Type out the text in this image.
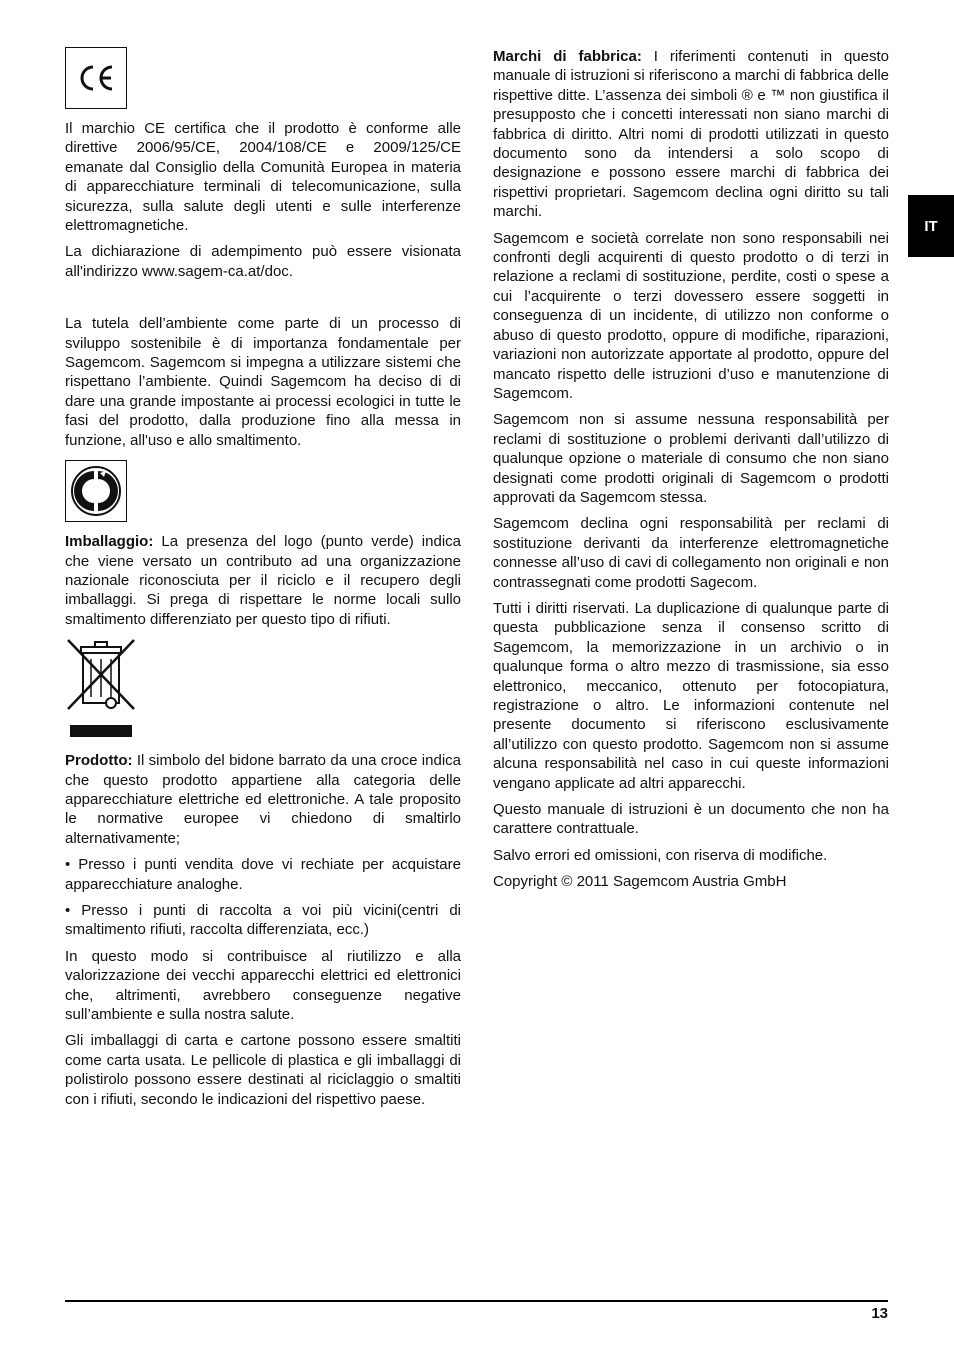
Il marchio CE certifica che il prodotto è conforme alle direttive 2006/95/CE, 2004/108/CE e 2009/125/CE emanate dal Consiglio della Comunità Europea in materia di apparecchiature terminali di telecomunicazione, sulla sicurezza, sulla salute degli utenti e sulle interferenze elettromagnetiche.

La dichiarazione di adempimento può essere visionata all'indirizzo www.sagem-ca.at/doc.

La tutela dell’ambiente come parte di un processo di sviluppo sostenibile è di importanza fondamentale per Sagemcom. Sagemcom si impegna a utilizzare sistemi che rispettano l’ambiente. Quindi Sagemcom ha deciso di di dare una grande impostante ai processi ecologici in tutte le fasi del prodotto, dalla produzione fino alla messa in funzione, all'uso e allo smaltimento.

Imballaggio: La presenza del logo (punto verde) indica che viene versato un contributo ad una organizzazione nazionale riconosciuta per il riciclo e il recupero degli imballaggi. Si prega di rispettare le norme locali sullo smaltimento differenziato per questo tipo di rifiuti.

Prodotto: Il simbolo del bidone barrato da una croce indica che questo prodotto appartiene alla categoria delle apparecchiature elettriche ed elettroniche. A tale proposito le normative europee vi chiedono di smaltirlo alternativamente;

• Presso i punti vendita dove vi rechiate per acquistare apparecchiature analoghe.

• Presso i punti di raccolta a voi più vicini(centri di smaltimento rifiuti, raccolta differenziata, ecc.)

In questo modo si contribuisce al riutilizzo e alla valorizzazione dei vecchi apparecchi elettrici ed elettronici che, altrimenti, avrebbero conseguenze negative sull’ambiente e sulla nostra salute.

Gli imballaggi di carta e cartone possono essere smaltiti come carta usata. Le pellicole di plastica e gli imballaggi di polistirolo possono essere destinati al riciclaggio o smaltiti con i rifiuti, secondo le indicazioni del rispettivo paese.

Marchi di fabbrica: I riferimenti contenuti in questo manuale di istruzioni si riferiscono a marchi di fabbrica delle rispettive ditte. L’assenza dei simboli ® e ™ non giustifica il presupposto che i concetti interessati non siano marchi di fabbrica di diritto. Altri nomi di prodotti utilizzati in questo documento sono da intendersi a solo scopo di designazione e possono essere marchi di fabbrica dei rispettivi proprietari. Sagemcom declina ogni diritto su tali marchi.

Sagemcom e società correlate non sono responsabili nei confronti degli acquirenti di questo prodotto o di terzi in relazione a reclami di sostituzione, perdite, costi o spese a cui l’acquirente o terzi dovessero essere soggetti in conseguenza di un incidente, di utilizzo non conforme o abuso di questo prodotto, oppure di modifiche, riparazioni, variazioni non autorizzate apportate al prodotto, oppure del mancato rispetto delle istruzioni d’uso e manutenzione di Sagemcom.

Sagemcom non si assume nessuna responsabilità per reclami di sostituzione o problemi derivanti dall’utilizzo di qualunque opzione o materiale di consumo che non siano designati come prodotti originali di Sagemcom o prodotti approvati da Sagemcom stessa.

Sagemcom declina ogni responsabilità per reclami di sostituzione derivanti da interferenze elettromagnetiche connesse all’uso di cavi di collegamento non originali e non contrassegnati come prodotti Sagecom.

Tutti i diritti riservati. La duplicazione di qualunque parte di questa pubblicazione senza il consenso scritto di Sagemcom, la memorizzazione in un archivio o in qualunque forma o altro mezzo di trasmissione, sia esso elettronico, meccanico, ottenuto per fotocopiatura, registrazione o altro. Le informazioni contenute nel presente documento si riferiscono esclusivamente all’utilizzo con questo prodotto. Sagemcom non si assume alcuna responsabilità nel caso in cui queste informazioni vengano applicate ad altri apparecchi.

Questo manuale di istruzioni è un documento che non ha carattere contrattuale.

Salvo errori ed omissioni, con riserva di modifiche.

Copyright © 2011 Sagemcom Austria GmbH

IT
13
